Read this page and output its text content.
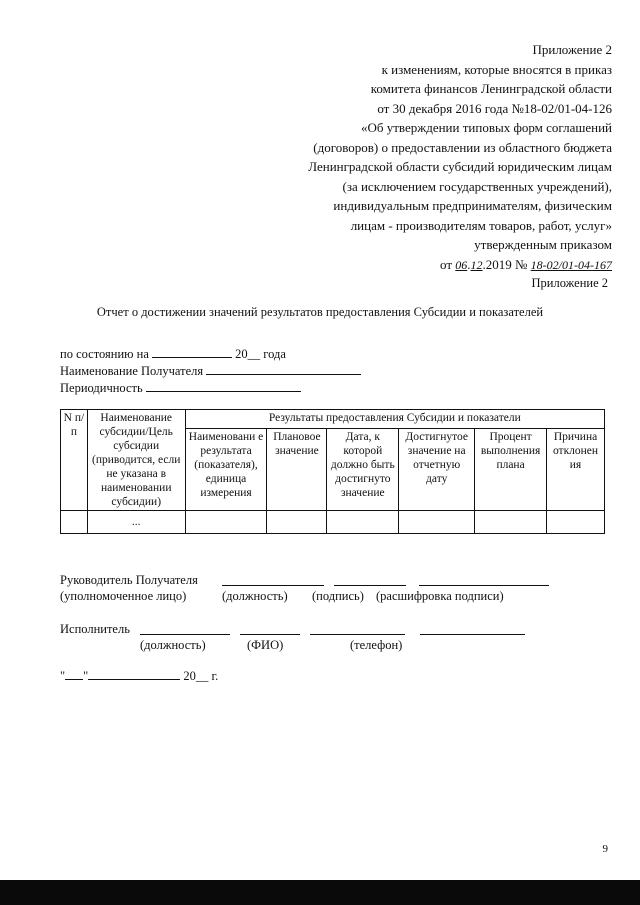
Приложение 2
к изменениям, которые вносятся в приказ
комитета финансов Ленинградской области
от 30 декабря 2016 года №18-02/01-04-126
«Об утверждении типовых форм соглашений
(договоров) о предоставлении из областного бюджета
Ленинградской области субсидий юридическим лицам
(за исключением государственных учреждений),
индивидуальным предпринимателям, физическим
лицам - производителям товаров, работ, услуг»
утвержденным приказом
от 06.12.2019 № 18-02/01-04-167
Приложение 2
Отчет о достижении значений результатов предоставления Субсидии и показателей
по состоянию на	20__ года
Наименование Получателя
Периодичность
N п/п	Наименование субсидии/Цель субсидии (приводится, если не указана в наименовании субсидии)	Результаты предоставления Субсидии и показатели					
		Наименовани е результата (показателя), единица измерения	Плановое значение	Дата, к которой должно быть достигнуто значение	Достигнутое значение на отчетную дату	Процент выполнения плана	Причина отклонен ия
	...						
Руководитель Получателя
(уполномоченное лицо)	(должность) (подпись) (расшифровка подписи)
Исполнитель
(должность)	(ФИО)	(телефон)
" "	20__ г.
9
